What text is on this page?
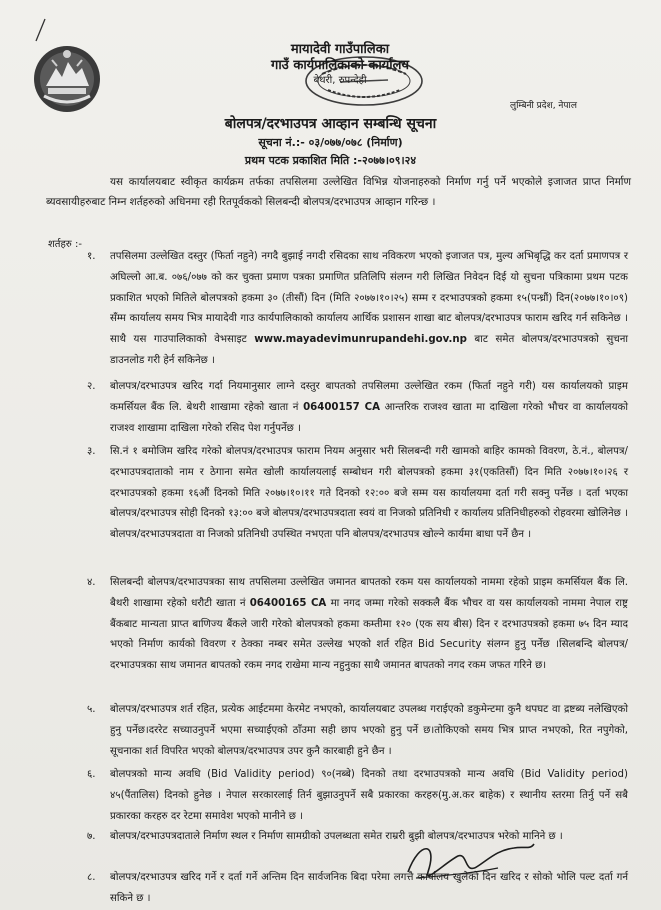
मायादेवी गाउँपालिका
गाउँ कार्यपालिकाको कार्यालय
बेथरी, रुपन्देही
लुम्बिनी प्रदेश, नेपाल
बोलपत्र/दरभाउपत्र आव्हान सम्बन्धि सूचना
सूचना नं.:- ०३/०७७/०७८ (निर्माण)
प्रथम पटक प्रकाशित मिति :-२०७७।०९।२४
यस कार्यालयबाट स्वीकृत कार्यक्रम तर्फका तपसिलमा उल्लेखित विभिन्न योजनाहरुको निर्माण गर्नु पर्ने भएकोले इजाजत प्राप्त निर्माण ब्यवसायीहरुबाट निम्न शर्तहरुको अधिनमा रही रितपूर्वकको सिलबन्दी बोलपत्र/दरभाउपत्र आव्हान गरिन्छ ।
शर्तहरु :-
१. तपसिलमा उल्लेखित दस्तुर (फिर्ता नहुने) नगदै बुझाई नगदी रसिदका साथ नविकरण भएको इजाजत पत्र, मुल्य अभिबृद्धि कर दर्ता प्रमाणपत्र र अघिल्लो आ.ब. ०७६/०७७ को कर चुक्ता प्रमाण पत्रका प्रमाणित प्रतिलिपि संलग्न गरी लिखित निवेदन दिई यो सुचना पत्रिकामा प्रथम पटक प्रकाशित भएको मितिले बोलपत्रको हकमा ३० (तीसौं) दिन (मिति २०७७।१०।२५) सम्म र दरभाउपत्रको हकमा १५(पन्ध्रौं) दिन(२०७७।१०।०९) सँम्म कार्यालय समय भित्र मायादेवी गाउ कार्यपालिकाको कार्यालय आर्थिक प्रशासन शाखा बाट बोलपत्र/दरभाउपत्र फाराम खरिद गर्न सकिनेछ ।साथै यस गाउपालिकाको वेभसाइट www.mayadevimunrupandehi.gov.np बाट समेत बोलपत्र/दरभाउपत्रको सुचना डाउनलोड गरी हेर्न सकिनेछ ।
२. बोलपत्र/दरभाउपत्र खरिद गर्दा नियमानुसार लाग्ने दस्तुर बापतको तपसिलमा उल्लेखित रकम (फिर्ता नहुने गरी) यस कार्यालयको प्राइम कमर्सियल बैंक लि. बेथरी शाखामा रहेको खाता नं 06400157 CA आन्तरिक राजश्व खाता मा दाखिला गरेको भौचर वा कार्यालयको राजश्व शाखामा दाखिला गरेको रसिद पेश गर्नुपर्नेछ ।
३. सि.नं १ बमोजिम खरिद गरेको बोलपत्र/दरभाउपत्र फाराम नियम अनुसार भरी सिलबन्दी गरी खामको बाहिर कामको विवरण, ठे.नं., बोलपत्र/दरभाउपत्रदाताको नाम र ठेगाना समेत खोली कार्यालयलाई सम्बोधन गरी बोलपत्रको हकमा ३१(एकतिसौं) दिन मिति २०७७।१०।२६ र दरभाउपत्रको हकमा १६औं दिनको मिति २०७७।१०।११ गते दिनको १२:०० बजे सम्म यस कार्यालयमा दर्ता गरी सक्नु पर्नेछ । दर्ता भएका बोलपत्र/दरभाउपत्र सोही दिनको १३:०० बजे बोलपत्र/दरभाउपत्रदाता स्वयं वा निजको प्रतिनिधी र कार्यालय प्रतिनिधीहरुको रोहवरमा खोलिनेछ ।बोलपत्र/दरभाउपत्रदाता वा निजको प्रतिनिधी उपस्थित नभएता पनि बोलपत्र/दरभाउपत्र खोल्ने कार्यमा बाधा पर्ने छैन ।
४. सिलबन्दी बोलपत्र/दरभाउपत्रका साथ तपसिलमा उल्लेखित जमानत बापतको रकम यस कार्यालयको नाममा रहेको प्राइम कमर्सियल बैंक लि. बैथरी शाखामा रहेको धरौटी खाता नं 06400165 CA मा नगद जम्मा गरेको सक्कलै बैंक भौचर वा यस कार्यालयको नाममा नेपाल राष्ट्र बैंकबाट मान्यता प्राप्त बाणिज्य बैंकले जारी गरेको बोलपत्रको हकमा कम्तीमा १२० (एक सय बीस) दिन र दरभाउपत्रको हकमा ७५ दिन म्याद भएको निर्माण कार्यको विवरण र ठेक्का नम्बर समेत उल्लेख भएको शर्त रहित Bid Security संलग्न हुनु पर्नेछ ।सिलबन्दि बोलपत्र/दरभाउपत्रका साथ जमानत बापतको रकम नगद राखेमा मान्य नहुनुका साथै जमानत बापतको नगद रकम जफत गरिने छ।
५. बोलपत्र/दरभाउपत्र शर्त रहित, प्रत्येक आईटममा केरमेट नभएको, कार्यालयबाट उपलब्ध गराईएको डकुमेन्टमा कुनै थपघट वा द्रष्टब्य नलेखिएको हुनु पर्नेछ।दररेट सच्याउनुपर्ने भएमा सच्याईएको ठाँउमा सही छाप भएको हुनु पर्ने छ।तोकिएको समय भित्र प्राप्त नभएको, रित नपुगेको, सूचनाका शर्त विपरित भएको बोलपत्र/दरभाउपत्र उपर कुनै कारबाही हुने छैन ।
६. बोलपत्रको मान्य अवधि (Bid Validity period) ९०(नब्बे) दिनको तथा दरभाउपत्रको मान्य अवधि (Bid Validity period) ४५(पैंतालिस) दिनको हुनेछ । नेपाल सरकारलाई तिर्न बुझाउनुपर्ने सबै प्रकारका करहरु(मु.अ.कर बाहेक) र स्थानीय स्तरमा तिर्नु पर्ने सबै प्रकारका करहरु दर रेटमा समावेश भएको मानीने छ ।
७. बोलपत्र/दरभाउपत्रदाताले निर्माण स्थल र निर्माण सामग्रीको उपलब्धता समेत राम्ररी बुझी बोलपत्र/दरभाउपत्र भरेको मानिने छ ।
८. बोलपत्र/दरभाउपत्र खरिद गर्ने र दर्ता गर्ने अन्तिम दिन सार्वजनिक बिदा परेमा लगत्तै कार्यालय खुलेको दिन खरिद र सोको भोलि पल्ट दर्ता गर्न सकिने छ ।
